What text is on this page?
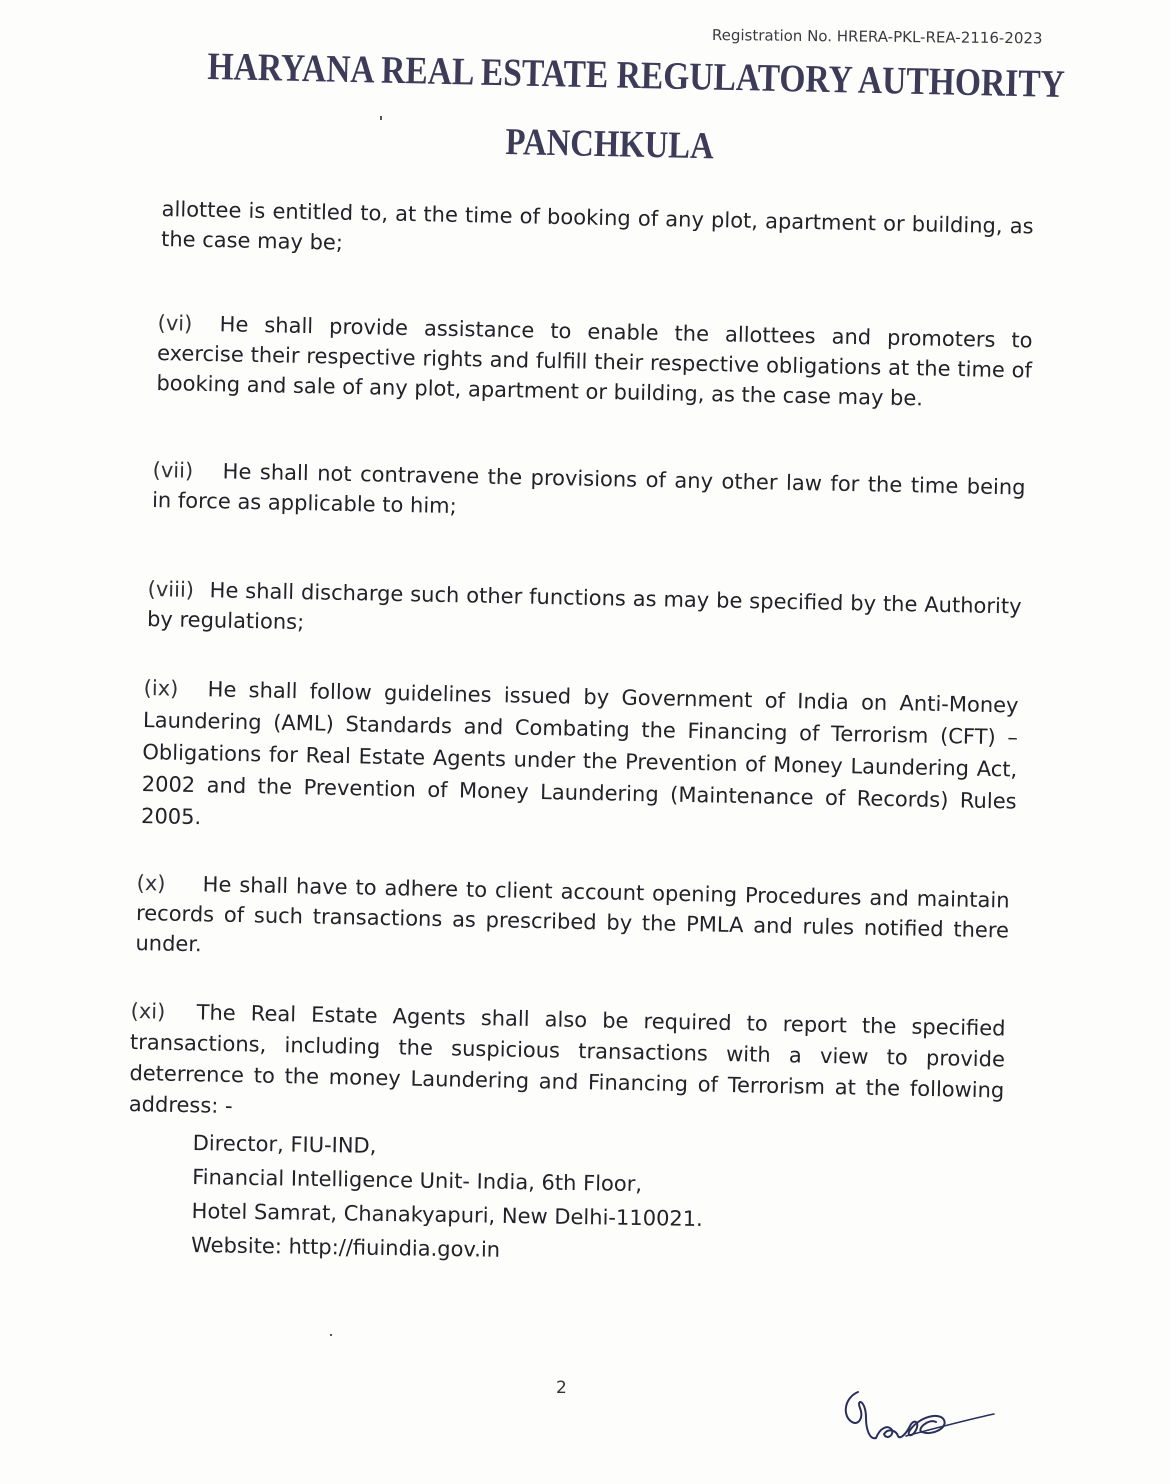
Registration No. HRERA-PKL-REA-2116-2023
HARYANA REAL ESTATE REGULATORY AUTHORITY
PANCHKULA
allottee is entitled to, at the time of booking of any plot, apartment or building, as the case may be;
(vi) He shall provide assistance to enable the allottees and promoters to exercise their respective rights and fulfill their respective obligations at the time of booking and sale of any plot, apartment or building, as the case may be.
(vii) He shall not contravene the provisions of any other law for the time being in force as applicable to him;
(viii) He shall discharge such other functions as may be specified by the Authority by regulations;
(ix) He shall follow guidelines issued by Government of India on Anti-Money Laundering (AML) Standards and Combating the Financing of Terrorism (CFT) – Obligations for Real Estate Agents under the Prevention of Money Laundering Act, 2002 and the Prevention of Money Laundering (Maintenance of Records) Rules 2005.
(x) He shall have to adhere to client account opening Procedures and maintain records of such transactions as prescribed by the PMLA and rules notified there under.
(xi) The Real Estate Agents shall also be required to report the specified transactions, including the suspicious transactions with a view to provide deterrence to the money Laundering and Financing of Terrorism at the following address: -
Director, FIU-IND,
Financial Intelligence Unit- India, 6th Floor,
Hotel Samrat, Chanakyapuri, New Delhi-110021.
Website: http://fiuindia.gov.in
2
